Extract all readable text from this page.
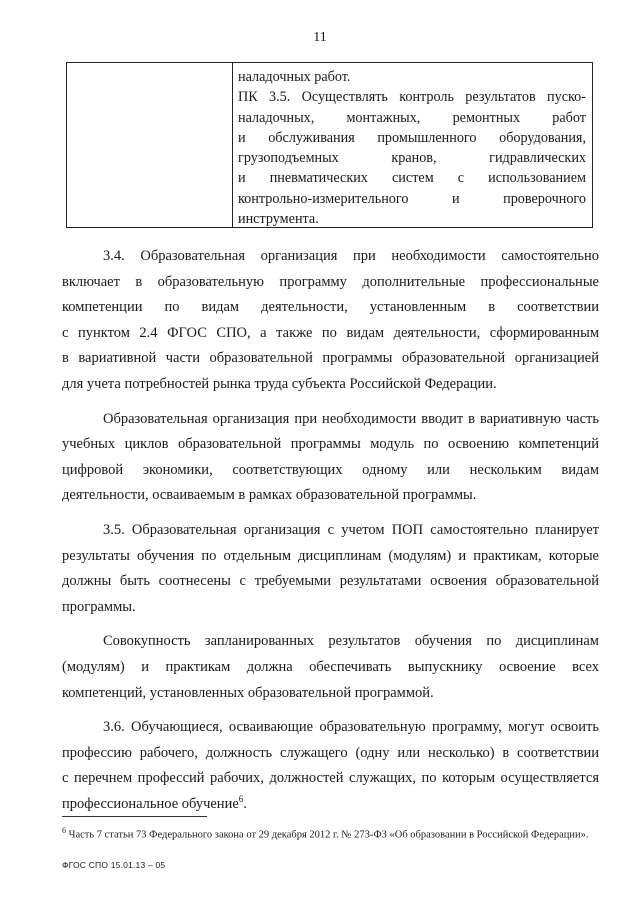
11
наладочных работ.
ПК 3.5. Осуществлять контроль результатов пуско-
наладочных, монтажных, ремонтных работ
и обслуживания промышленного оборудования,
грузоподъемных кранов, гидравлических
и пневматических систем с использованием
контрольно-измерительного и проверочного
инструмента.
3.4. Образовательная организация при необходимости самостоятельно
включает в образовательную программу дополнительные профессиональные
компетенции по видам деятельности, установленным в соответствии
с пунктом 2.4 ФГОС СПО, а также по видам деятельности, сформированным
в вариативной части образовательной программы образовательной организацией
для учета потребностей рынка труда субъекта Российской Федерации.
Образовательная организация при необходимости вводит в вариативную часть
учебных циклов образовательной программы модуль по освоению компетенций
цифровой экономики, соответствующих одному или нескольким видам
деятельности, осваиваемым в рамках образовательной программы.
3.5. Образовательная организация с учетом ПОП самостоятельно планирует
результаты обучения по отдельным дисциплинам (модулям) и практикам, которые
должны быть соотнесены с требуемыми результатами освоения образовательной
программы.
Совокупность запланированных результатов обучения по дисциплинам
(модулям) и практикам должна обеспечивать выпускнику освоение всех
компетенций, установленных образовательной программой.
3.6. Обучающиеся, осваивающие образовательную программу, могут освоить
профессию рабочего, должность служащего (одну или несколько) в соответствии
с перечнем профессий рабочих, должностей служащих, по которым осуществляется
профессиональное обучение$^6$.
$^6$ Часть 7 статьи 73 Федерального закона от 29 декабря 2012 г. № 273-ФЗ «Об образовании в Российской Федерации».
ФГОС СПО 15.01.13 – 05
